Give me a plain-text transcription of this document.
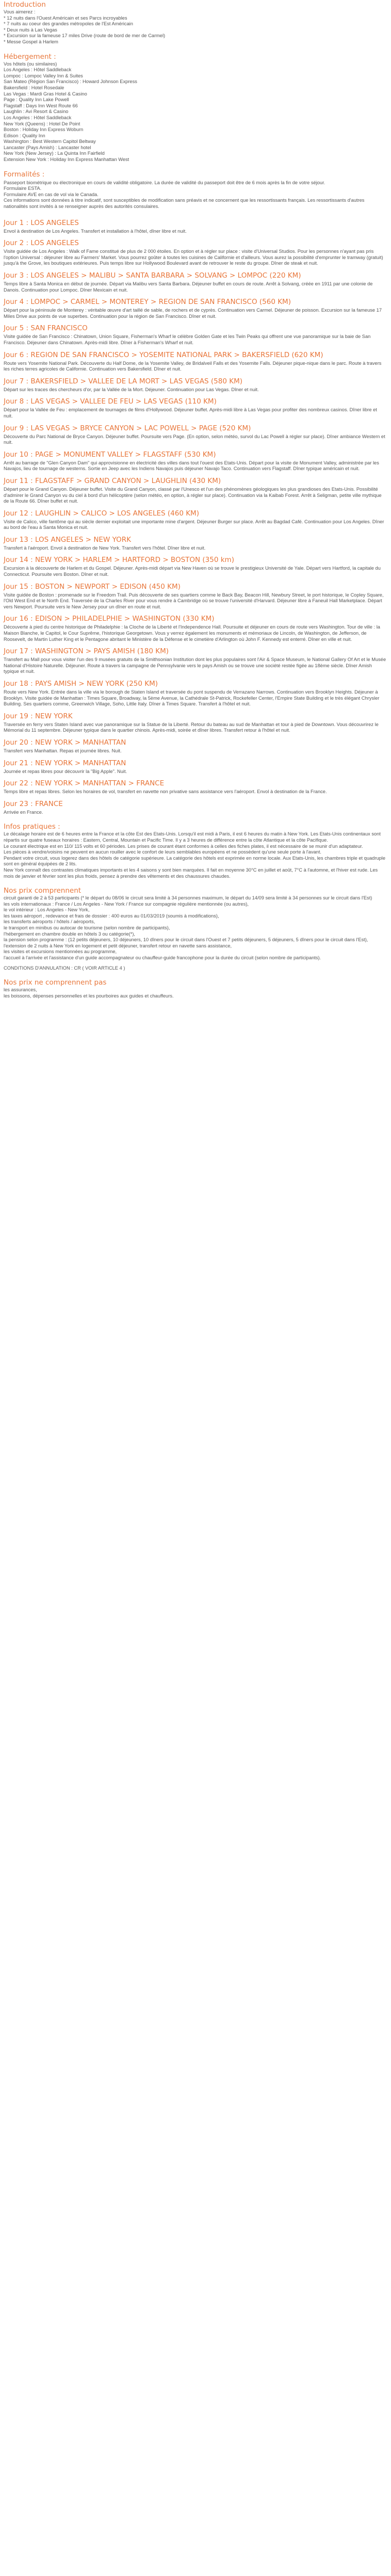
Introduction
Vous aimerez :
* 12 nuits dans l'Ouest Américain et ses Parcs incroyables
* 7 nuits au coeur des grandes métropoles de l'Est Américain
* Deux nuits à Las Vegas
* Excursion sur la fameuse 17 miles Drive (route de bord de mer de Carmel)
* Messe Gospel à Harlem
Hébergement :
Vos hôtels (ou similaires)
Los Angeles : Hôtel Saddleback
Lompoc : Lompoc Valley Inn & Suites
San Mateo (Région San Francisco) : Howard Johnson Express
Bakersfield : Hotel Rosedale
Las Vegas : Mardi Gras Hotel & Casino
Page : Quality Inn Lake Powell
Flagstaff : Days Inn West Route 66
Laughlin : Avi Resort & Casino
Los Angeles : Hôtel Saddleback
New York (Queens) : Hotel De Point
Boston : Holiday Inn Express Woburn
Edison : Quality Inn
Washington : Best Western Capitol Beltway
Lancaster (Pays Amish) : Lancaster hotel
New York (New Jersey) : La Quinta Inn Fairfield
Extension New York : Holiday Inn Express Manhattan West
Formalités :

Passeport biométrique ou électronique en cours de validité obligatoire. La durée de validité du passeport doit être de 6 mois après la fin de votre séjour.

Formulaire ESTA.
Formulaire AVE en cas de vol via le Canada.
Ces informations sont données à titre indicatif, sont susceptibles de modification sans préavis et ne concernent que les ressortissants français. Les ressortissants d'autres nationalités sont invités à se renseigner auprès des autorités consulaires.
Jour 1 : LOS ANGELES

Envol à destination de Los Angeles. Transfert et installation à l'hôtel, dîner libre et nuit.

Jour 2 : LOS ANGELES

Visite guidée de Los Angeles : Walk of Fame constitué de plus de 2 000 étoiles. En option et à régler sur place : visite d'Universal Studios. Pour les personnes n'ayant pas pris l'option Universal : déjeuner libre au Farmers' Market. Vous pourrez goûter à toutes les cuisines de Californie et d'ailleurs. Vous aurez la possibilité d'emprunter le tramway (gratuit) jusqu'à the Grove, les boutiques extérieures. Puis temps libre sur Hollywood Boulevard avant de retrouver le reste du groupe. Dîner de steak et nuit.

Jour 3 : LOS ANGELES > MALIBU > SANTA BARBARA > SOLVANG > LOMPOC (220 KM)

Temps libre à Santa Monica en début de journée. Départ via Malibu vers Santa Barbara. Déjeuner buffet en cours de route. Arrêt à Solvang, créée en 1911 par une colonie de Danois. Continuation pour Lompoc. Dîner Mexicain et nuit.

Jour 4 : LOMPOC > CARMEL > MONTEREY > REGION DE SAN FRANCISCO (560 KM)

Départ pour la péninsule de Monterey : véritable œuvre d'art taillé de sable, de rochers et de cyprès. Continuation vers Carmel. Déjeuner de poisson. Excursion sur la fameuse 17 Miles Drive aux points de vue superbes. Continuation pour la région de San Francisco. Dîner et nuit.

Jour 5 : SAN FRANCISCO

Visite guidée de San Francisco : Chinatown, Union Square, Fisherman's Wharf le célèbre Golden Gate et les Twin Peaks qui offrent une vue panoramique sur la baie de San Francisco. Déjeuner dans Chinatown. Après-midi libre. Dîner à Fisherman's Wharf et nuit.

Jour 6 : REGION DE SAN FRANCISCO > YOSEMITE NATIONAL PARK > BAKERSFIELD (620 KM)

Route vers Yosemite National Park. Découverte du Half Dome, de la Yosemite Valley, de Bridalveil Falls et des Yosemite Falls. Déjeuner pique-nique dans le parc. Route à travers les riches terres agricoles de Californie. Continuation vers Bakersfield. Dîner et nuit.

Jour 7 : BAKERSFIELD > VALLEE DE LA MORT > LAS VEGAS (580 KM)

Départ sur les traces des chercheurs d'or, par la Vallée de la Mort. Déjeuner. Continuation pour Las Vegas. Dîner et nuit.

Jour 8 : LAS VEGAS > VALLEE DE FEU > LAS VEGAS (110 KM)

Départ pour la Vallée de Feu : emplacement de tournages de films d'Hollywood. Déjeuner buffet. Après-midi libre à Las Vegas pour profiter des nombreux casinos. Dîner libre et nuit.

Jour 9 : LAS VEGAS > BRYCE CANYON > LAC POWELL > PAGE (520 KM)

Découverte du Parc National de Bryce Canyon. Déjeuner buffet. Poursuite vers Page. (En option, selon météo, survol du Lac Powell à régler sur place). Dîner ambiance Western et nuit.

Jour 10 : PAGE > MONUMENT VALLEY > FLAGSTAFF (530 KM)

Arrêt au barrage de "Glen Canyon Dam" qui approvisionne en électricité des villes dans tout l'ouest des Etats-Unis. Départ pour la visite de Monument Valley, administrée par les Navajos, lieu de tournage de westerns. Sortie en Jeep avec les Indiens Navajos puis déjeuner Navajo Taco. Continuation vers Flagstaff. Dîner typique américain et nuit.

Jour 11 : FLAGSTAFF > GRAND CANYON > LAUGHLIN (430 KM)

Départ pour le Grand Canyon. Déjeuner buffet. Visite du Grand Canyon, classé par l'Unesco et l'un des phénomènes géologiques les plus grandioses des Etats-Unis. Possibilité d'admirer le Grand Canyon vu du ciel à bord d'un hélicoptère (selon météo, en option, à régler sur place). Continuation via la Kaibab Forest. Arrêt à Seligman, petite ville mythique de la Route 66. Dîner buffet et nuit.

Jour 12 : LAUGHLIN > CALICO > LOS ANGELES (460 KM)

Visite de Calico, ville fantôme qui au siècle dernier exploitait une importante mine d'argent. Déjeuner Burger sur place. Arrêt au Bagdad Café. Continuation pour Los Angeles. Dîner au bord de l'eau à Santa Monica et nuit.

Jour 13 : LOS ANGELES > NEW YORK

Transfert à l'aéroport. Envol à destination de New York. Transfert vers l'hôtel. Dîner libre et nuit.

Jour 14 : NEW YORK > HARLEM > HARTFORD > BOSTON (350 km)

Excursion à la découverte de Harlem et du Gospel. Déjeuner. Après-midi départ via New Haven où se trouve le prestigieux Université de Yale. Départ vers Hartford, la capitale du Connecticut. Poursuite vers Boston. Dîner et nuit.

Jour 15 : BOSTON > NEWPORT > EDISON (450 KM)

Visite guidée de Boston : promenade sur le Freedom Trail. Puis découverte de ses quartiers comme le Back Bay, Beacon Hill, Newbury Street, le port historique, le Copley Square, l'Old West End et le North End. Traversée de la Charles River pour vous rendre à Cambridge où se trouve l'université d'Harvard. Déjeuner libre à Faneuil Hall Marketplace. Départ vers Newport. Poursuite vers le New Jersey pour un dîner en route et nuit.

Jour 16 : EDISON > PHILADELPHIE > WASHINGTON (330 KM)

Découverte à pied du centre historique de Philadelphie : la Cloche de la Liberté et l'Independence Hall. Poursuite et déjeuner en cours de route vers Washington. Tour de ville : la Maison Blanche, le Capitol, le Cour Suprême, l'historique Georgetown. Vous y verrez également les monuments et mémoriaux de Lincoln, de Washington, de Jefferson, de Roosevelt, de Martin Luther King et le Pentagone abritant le Ministère de la Défense et le cimetière d'Arlington où John F. Kennedy est enterré. Dîner en ville et nuit.

Jour 17 : WASHINGTON > PAYS AMISH (180 KM)

Transfert au Mall pour vous visiter l'un des 9 musées gratuits de la Smithsonian Institution dont les plus populaires sont l'Air & Space Museum, le National Gallery Of Art et le Musée National d'Histoire Naturelle. Déjeuner. Route à travers la campagne de Pennsylvanie vers le pays Amish ou se trouve une société restée figée au 18ème siècle. Dîner Amish typique et nuit.

Jour 18 : PAYS AMISH > NEW YORK (250 KM)

Route vers New York. Entrée dans la ville via le borough de Staten Island et traversée du pont suspendu de Verrazano Narrows. Continuation vers Brooklyn Heights. Déjeuner à Brooklyn. Visite guidée de Manhattan : Times Square, Broadway, la 5ème Avenue, la Cathédrale St-Patrick, Rockefeller Center, l'Empire State Building et le très élégant Chrysler Building. Ses quartiers comme, Greenwich Village, Soho, Little Italy. Dîner à Times Square. Transfert à l'hôtel et nuit.

Jour 19 : NEW YORK

Traversée en ferry vers Staten Island avec vue panoramique sur la Statue de la Liberté. Retour du bateau au sud de Manhattan et tour à pied de Downtown. Vous découvrirez le Mémorial du 11 septembre. Déjeuner typique dans le quartier chinois. Après-midi, soirée et dîner libres. Transfert retour à l'hôtel et nuit.

Jour 20 : NEW YORK > MANHATTAN

Transfert vers Manhattan. Repas et journée libres. Nuit.

Jour 21 : NEW YORK > MANHATTAN

Journée et repas libres pour découvrir la "Big Apple". Nuit.

Jour 22 : NEW YORK > MANHATTAN > FRANCE

Temps libre et repas libres. Selon les horaires de vol, transfert en navette non privative sans assistance vers l'aéroport. Envol à destination de la France.

Jour 23 : FRANCE

Arrivée en France.

Infos pratiques :
Le décalage horaire est de 6 heures entre la France et la côte Est des Etats-Unis. Lorsqu'il est midi à Paris, il est 6 heures du matin à New York. Les Etats-Unis continentaux sont répartis sur quatre fuseaux horaires : Eastern, Central, Mountain et Pacific Time. Il y a 3 heures de différence entre la côte Atlantique et la côte Pacifique.
Le courant électrique est en 110/ 115 volts et 60 périodes. Les prises de courant étant conformes à celles des fiches plates, il est nécessaire de se munir d'un adaptateur.
Les pièces à vendre/voisins ne peuvent en aucun rouiller avec le confort de leurs semblables européens et ne possèdent qu'une seule porte à l'avant.
Pendant votre circuit, vous logerez dans des hôtels de catégorie supérieure. La catégorie des hôtels est exprimée en norme locale. Aux Etats-Unis, les chambres triple et quadruple sont en général équipées de 2 lits.
New York connaît des contrastes climatiques importants et les 4 saisons y sont bien marquées. Il fait en moyenne 30°C en juillet et août, 7°C à l'automne, et l'hiver est rude. Les mois de janvier et février sont les plus froids, pensez à prendre des vêtements et des chaussures chaudes.
Nos prix comprennent
circuit garanti de 2 à 53 participants (* le départ du 08/06 le circuit sera limité à 34 personnes maximum, le départ du 14/09 sera limité à 34 personnes sur le circuit dans l'Est)
les vols internationaux : France / Los Angeles - New York / France sur compagnie régulière mentionnée (ou autres),
le vol intérieur : Los Angeles - New York,
les taxes aéroport , redevance et frais de dossier : 400 euros au 01/03/2019 (soumis à modifications),
les transferts aéroports / hôtels / aéroports,
le transport en minibus ou autocar de tourisme (selon nombre de participants),
l'hébergement en chambre double en hôtels 3 ou catégorie(*),
la pension selon programme : (12 petits déjeuners, 10 déjeuners, 10 dîners pour le circuit dans l'Ouest et 7 petits déjeuners, 5 déjeuners, 5 dîners pour le circuit dans l'Est),
l'extension de 2 nuits à New York en logement et petit déjeuner, transfert retour en navette sans assistance,
les visites et excursions mentionnées au programme,
l'accueil à l'arrivée et l'assistance d'un guide accompagnateur ou chauffeur-guide francophone pour la durée du circuit (selon nombre de participants).
CONDITIONS D'ANNULATION : CR ( VOIR ARTICLE 4 )
Nos prix ne comprennent pas
les assurances,
les boissons, dépenses personnelles et les pourboires aux guides et chauffeurs.
